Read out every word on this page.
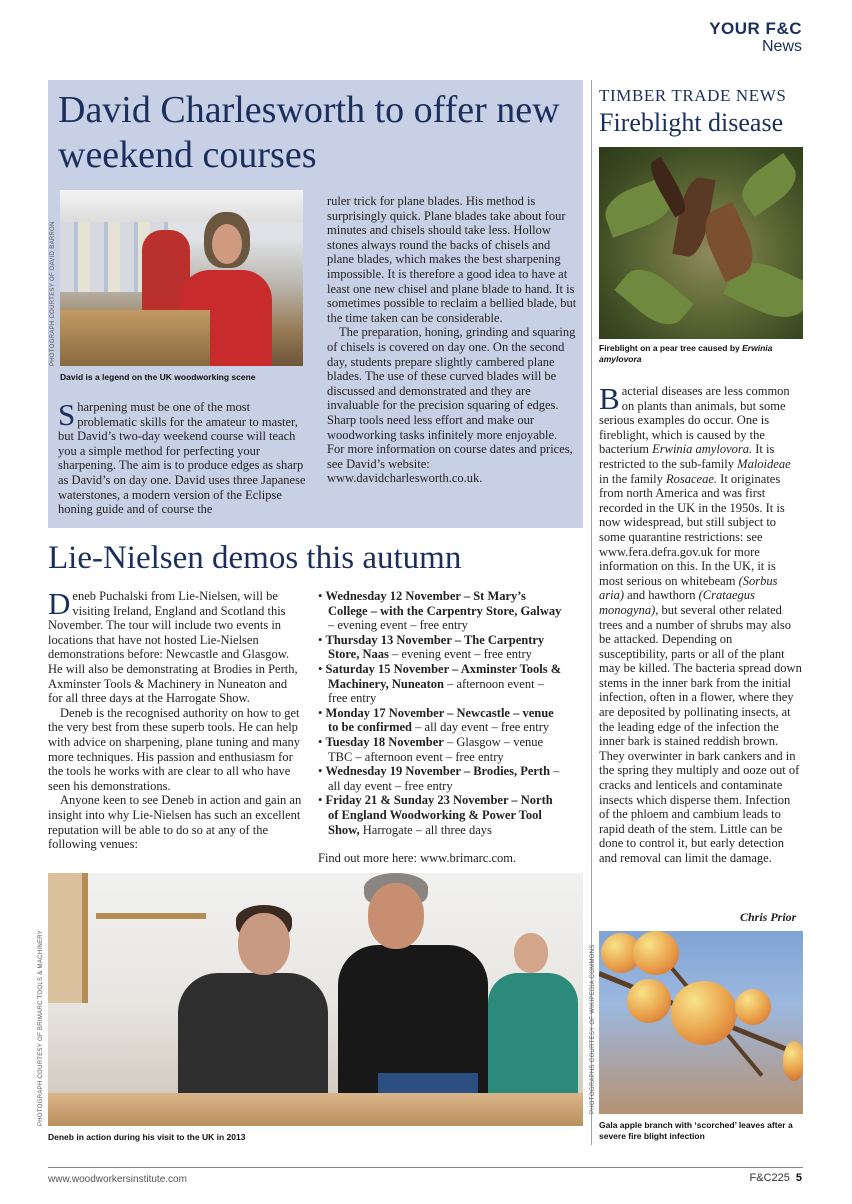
YOUR F&C
News
David Charlesworth to offer new weekend courses
PHOTOGRAPH COURTESY OF DAVID BARRON
David is a legend on the UK woodworking scene

Sharpening must be one of the most problematic skills for the amateur to master, but David’s two-day weekend course will teach you a simple method for perfecting your sharpening. The aim is to produce edges as sharp as David’s on day one. David uses three Japanese waterstones, a modern version of the Eclipse honing guide and of course the

ruler trick for plane blades. His method is surprisingly quick. Plane blades take about four minutes and chisels should take less. Hollow stones always round the backs of chisels and plane blades, which makes the best sharpening impossible. It is therefore a good idea to have at least one new chisel and plane blade to hand. It is sometimes possible to reclaim a bellied blade, but the time taken can be considerable.

The preparation, honing, grinding and squaring of chisels is covered on day one. On the second day, students prepare slightly cambered plane blades. The use of these curved blades will be discussed and demonstrated and they are invaluable for the precision squaring of edges. Sharp tools need less effort and make our woodworking tasks infinitely more enjoyable. For more information on course dates and prices, see David’s website: www.davidcharlesworth.co.uk.

Lie-Nielsen demos this autumn

Deneb Puchalski from Lie-Nielsen, will be visiting Ireland, England and Scotland this November. The tour will include two events in locations that have not hosted Lie-Nielsen demonstrations before: Newcastle and Glasgow. He will also be demonstrating at Brodies in Perth, Axminster Tools & Machinery in Nuneaton and for all three days at the Harrogate Show.

Deneb is the recognised authority on how to get the very best from these superb tools. He can help with advice on sharpening, plane tuning and many more techniques. His passion and enthusiasm for the tools he works with are clear to all who have seen his demonstrations.

Anyone keen to see Deneb in action and gain an insight into why Lie-Nielsen has such an excellent reputation will be able to do so at any of the following venues:

• Wednesday 12 November – St Mary’s College – with the Carpentry Store, Galway – evening event – free entry
• Thursday 13 November – The Carpentry Store, Naas – evening event – free entry
• Saturday 15 November – Axminster Tools & Machinery, Nuneaton – afternoon event – free entry
• Monday 17 November – Newcastle – venue to be confirmed – all day event – free entry
• Tuesday 18 November – Glasgow – venue TBC – afternoon event – free entry
• Wednesday 19 November – Brodies, Perth – all day event – free entry
• Friday 21 & Sunday 23 November – North of England Woodworking & Power Tool Show, Harrogate – all three days
Find out more here: www.brimarc.com.
PHOTOGRAPH COURTESY OF BRIMARC TOOLS & MACHINERY
Deneb in action during his visit to the UK in 2013
TIMBER TRADE NEWS
Fireblight disease
Fireblight on a pear tree caused by Erwinia amylovora

Bacterial diseases are less common on plants than animals, but some serious examples do occur. One is fireblight, which is caused by the bacterium Erwinia amylovora. It is restricted to the sub-family Maloideae in the family Rosaceae. It originates from north America and was first recorded in the UK in the 1950s. It is now widespread, but still subject to some quarantine restrictions: see www.fera.defra.gov.uk for more information on this. In the UK, it is most serious on whitebeam (Sorbus aria) and hawthorn (Crataegus monogyna), but several other related trees and a number of shrubs may also be attacked. Depending on susceptibility, parts or all of the plant may be killed. The bacteria spread down stems in the inner bark from the initial infection, often in a flower, where they are deposited by pollinating insects, at the leading edge of the infection the inner bark is stained reddish brown. They overwinter in bark cankers and in the spring they multiply and ooze out of cracks and lenticels and contaminate insects which disperse them. Infection of the phloem and cambium leads to rapid death of the stem. Little can be done to control it, but early detection and removal can limit the damage.

Chris Prior
PHOTOGRAPHS COURTESY OF WIKIPEDIA COMMONS
Gala apple branch with ‘scorched’ leaves after a severe fire blight infection
www.woodworkersinstitute.com	F&C225 5
